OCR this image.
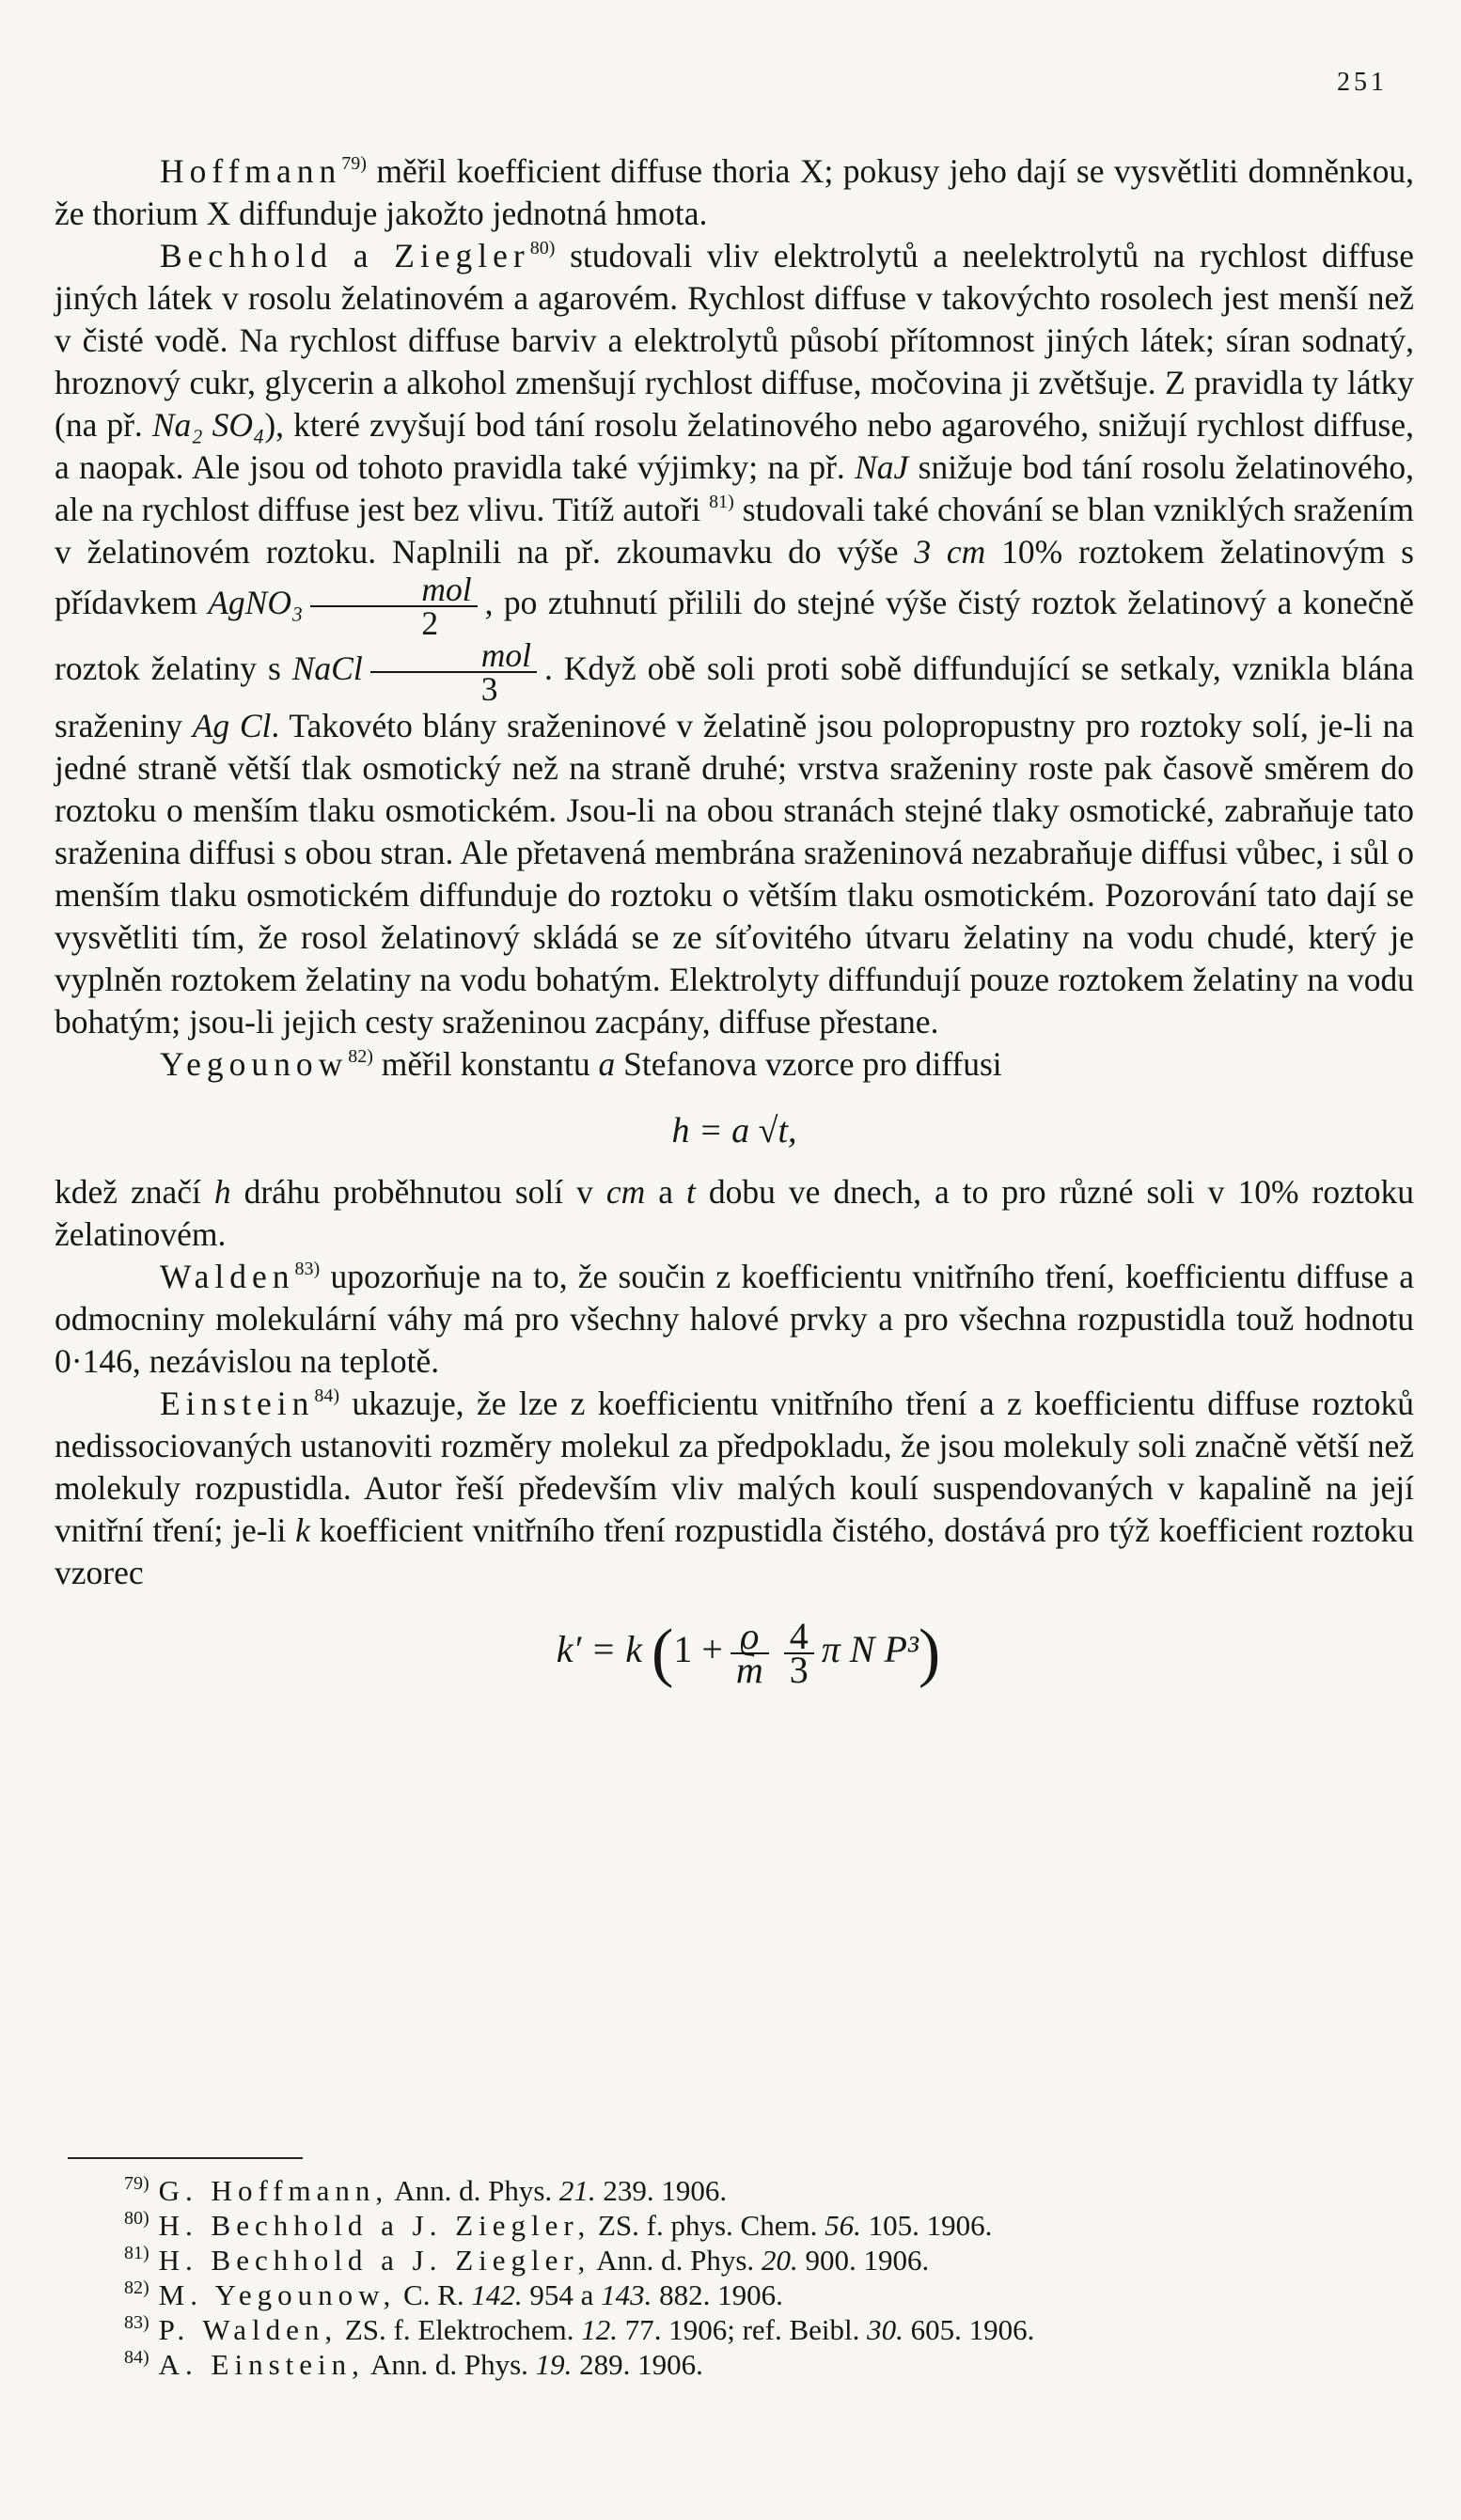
251

Hoffmann$^{79)}$ měřil koefficient diffuse thoria X; pokusy jeho dají se vysvětliti domněnkou, že thorium X diffunduje jakožto jednotná hmota.

Bechhold a Ziegler$^{80)}$ studovali vliv elektrolytů a neelektrolytů na rychlost diffuse jiných látek v rosolu želatinovém a agarovém. Rychlost diffuse v takovýchto rosolech jest menší než v čisté vodě. Na rychlost diffuse barviv a elektrolytů působí přítomnost jiných látek; síran sodnatý, hroznový cukr, glycerin a alkohol zmenšují rychlost diffuse, močovina ji zvětšuje. Z pravidla ty látky (na př. Na₂ SO₄), které zvyšují bod tání rosolu želatinového nebo agarového, snižují rychlost diffuse, a naopak. Ale jsou od tohoto pravidla také výjimky; na př. NaJ snižuje bod tání rosolu želatinového, ale na rychlost diffuse jest bez vlivu. Titíž autoři $^{81)}$ studovali také chování se blan vzniklých sražením v želatinovém roztoku. Naplnili na př. zkoumavku do výše 3 cm 10% roztokem želatinovým s přídavkem AgNO₃ $\frac{\text{mol}}{2}$ , po ztuhnutí přilili do stejné výše čistý roztok želatinový a konečně roztok želatiny s NaCl $\frac{\text{mol}}{3}$ . Když obě soli proti sobě diffundující se setkaly, vznikla blána sraženiny Ag Cl. Takovéto blány sraženinové v želatině jsou polopropustny pro roztoky solí, je-li na jedné straně větší tlak osmotický než na straně druhé; vrstva sraženiny roste pak časově směrem do roztoku o menším tlaku osmotickém. Jsou-li na obou stranách stejné tlaky osmotické, zabraňuje tato sraženina diffusi s obou stran. Ale přetavená membrána sraženinová nezabraňuje diffusi vůbec, i sůl o menším tlaku osmotickém diffunduje do roztoku o větším tlaku osmotickém. Pozorování tato dají se vysvětliti tím, že rosol želatinový skládá se ze síťovitého útvaru želatiny na vodu chudé, který je vyplněn roztokem želatiny na vodu bohatým. Elektrolyty diffundují pouze roztokem želatiny na vodu bohatým; jsou-li jejich cesty sraženinou zacpány, diffuse přestane.

Yegounow$^{82)}$ měřil konstantu a Stefanova vzorce pro diffusi

h = a √t,

kdež značí h dráhu proběhnutou solí v cm a t dobu ve dnech, a to pro různé soli v 10% roztoku želatinovém.

Walden$^{83)}$ upozorňuje na to, že součin z koefficientu vnitřního tření, koefficientu diffuse a odmocniny molekulární váhy má pro všechny halové prvky a pro všechna rozpustidla touž hodnotu 0·146, nezávislou na teplotě.

Einstein$^{84)}$ ukazuje, že lze z koefficientu vnitřního tření a z koefficientu diffuse roztoků nedissociovaných ustanoviti rozměry molekul za předpokladu, že jsou molekuly soli značně větší než molekuly rozpustidla. Autor řeší především vliv malých koulí suspendovaných v kapalině na její vnitřní tření; je-li k koefficient vnitřního tření rozpustidla čistého, dostává pro týž koefficient roztoku vzorec

k′ = k ($1 + \frac{ϱ}{m} \frac{4}{3}$ π N P³)
$^{79)}$ G. Hoffmann, Ann. d. Phys. 21. 239. 1906.
$^{80)}$ H. Bechhold a J. Ziegler, ZS. f. phys. Chem. 56. 105. 1906.
$^{81)}$ H. Bechhold a J. Ziegler, Ann. d. Phys. 20. 900. 1906.
$^{82)}$ M. Yegounow, C. R. 142. 954 a 143. 882. 1906.
$^{83)}$ P. Walden, ZS. f. Elektrochem. 12. 77. 1906; ref. Beibl. 30. 605. 1906.
$^{84)}$ A. Einstein, Ann. d. Phys. 19. 289. 1906.
